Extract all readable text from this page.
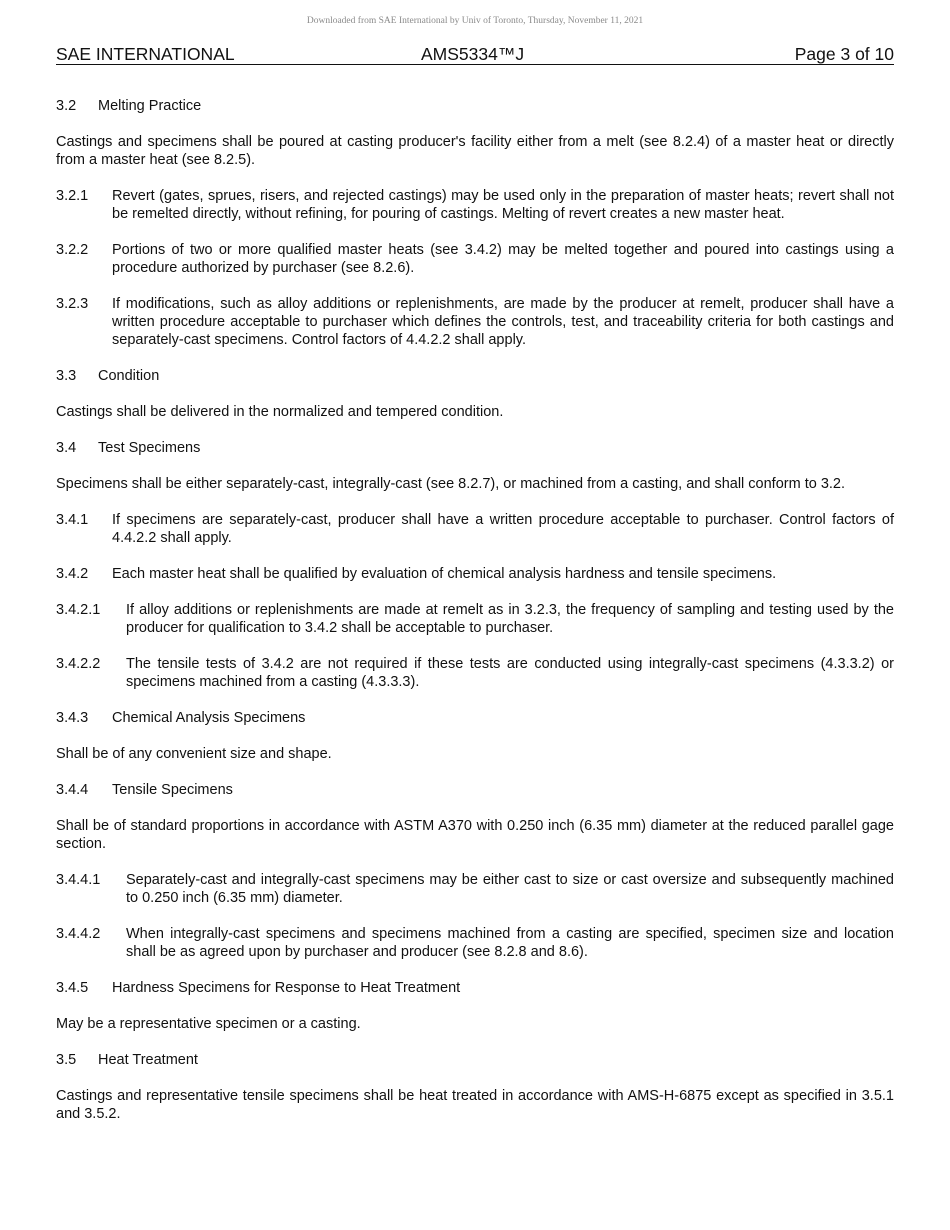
Downloaded from SAE International by Univ of Toronto, Thursday, November 11, 2021
SAE INTERNATIONAL	AMS5334™J	Page 3 of 10
3.2 Melting Practice

Castings and specimens shall be poured at casting producer's facility either from a melt (see 8.2.4) of a master heat or directly from a master heat (see 8.2.5).

3.2.1 Revert (gates, sprues, risers, and rejected castings) may be used only in the preparation of master heats; revert shall not be remelted directly, without refining, for pouring of castings. Melting of revert creates a new master heat.
3.2.2 Portions of two or more qualified master heats (see 3.4.2) may be melted together and poured into castings using a procedure authorized by purchaser (see 8.2.6).
3.2.3 If modifications, such as alloy additions or replenishments, are made by the producer at remelt, producer shall have a written procedure acceptable to purchaser which defines the controls, test, and traceability criteria for both castings and separately-cast specimens. Control factors of 4.4.2.2 shall apply.
3.3 Condition

Castings shall be delivered in the normalized and tempered condition.

3.4 Test Specimens

Specimens shall be either separately-cast, integrally-cast (see 8.2.7), or machined from a casting, and shall conform to 3.2.

3.4.1 If specimens are separately-cast, producer shall have a written procedure acceptable to purchaser. Control factors of 4.4.2.2 shall apply.
3.4.2 Each master heat shall be qualified by evaluation of chemical analysis hardness and tensile specimens.
3.4.2.1 If alloy additions or replenishments are made at remelt as in 3.2.3, the frequency of sampling and testing used by the producer for qualification to 3.4.2 shall be acceptable to purchaser.
3.4.2.2 The tensile tests of 3.4.2 are not required if these tests are conducted using integrally-cast specimens (4.3.3.2) or specimens machined from a casting (4.3.3.3).
3.4.3 Chemical Analysis Specimens

Shall be of any convenient size and shape.

3.4.4 Tensile Specimens

Shall be of standard proportions in accordance with ASTM A370 with 0.250 inch (6.35 mm) diameter at the reduced parallel gage section.

3.4.4.1 Separately-cast and integrally-cast specimens may be either cast to size or cast oversize and subsequently machined to 0.250 inch (6.35 mm) diameter.
3.4.4.2 When integrally-cast specimens and specimens machined from a casting are specified, specimen size and location shall be as agreed upon by purchaser and producer (see 8.2.8 and 8.6).
3.4.5 Hardness Specimens for Response to Heat Treatment

May be a representative specimen or a casting.

3.5 Heat Treatment

Castings and representative tensile specimens shall be heat treated in accordance with AMS-H-6875 except as specified in 3.5.1 and 3.5.2.
